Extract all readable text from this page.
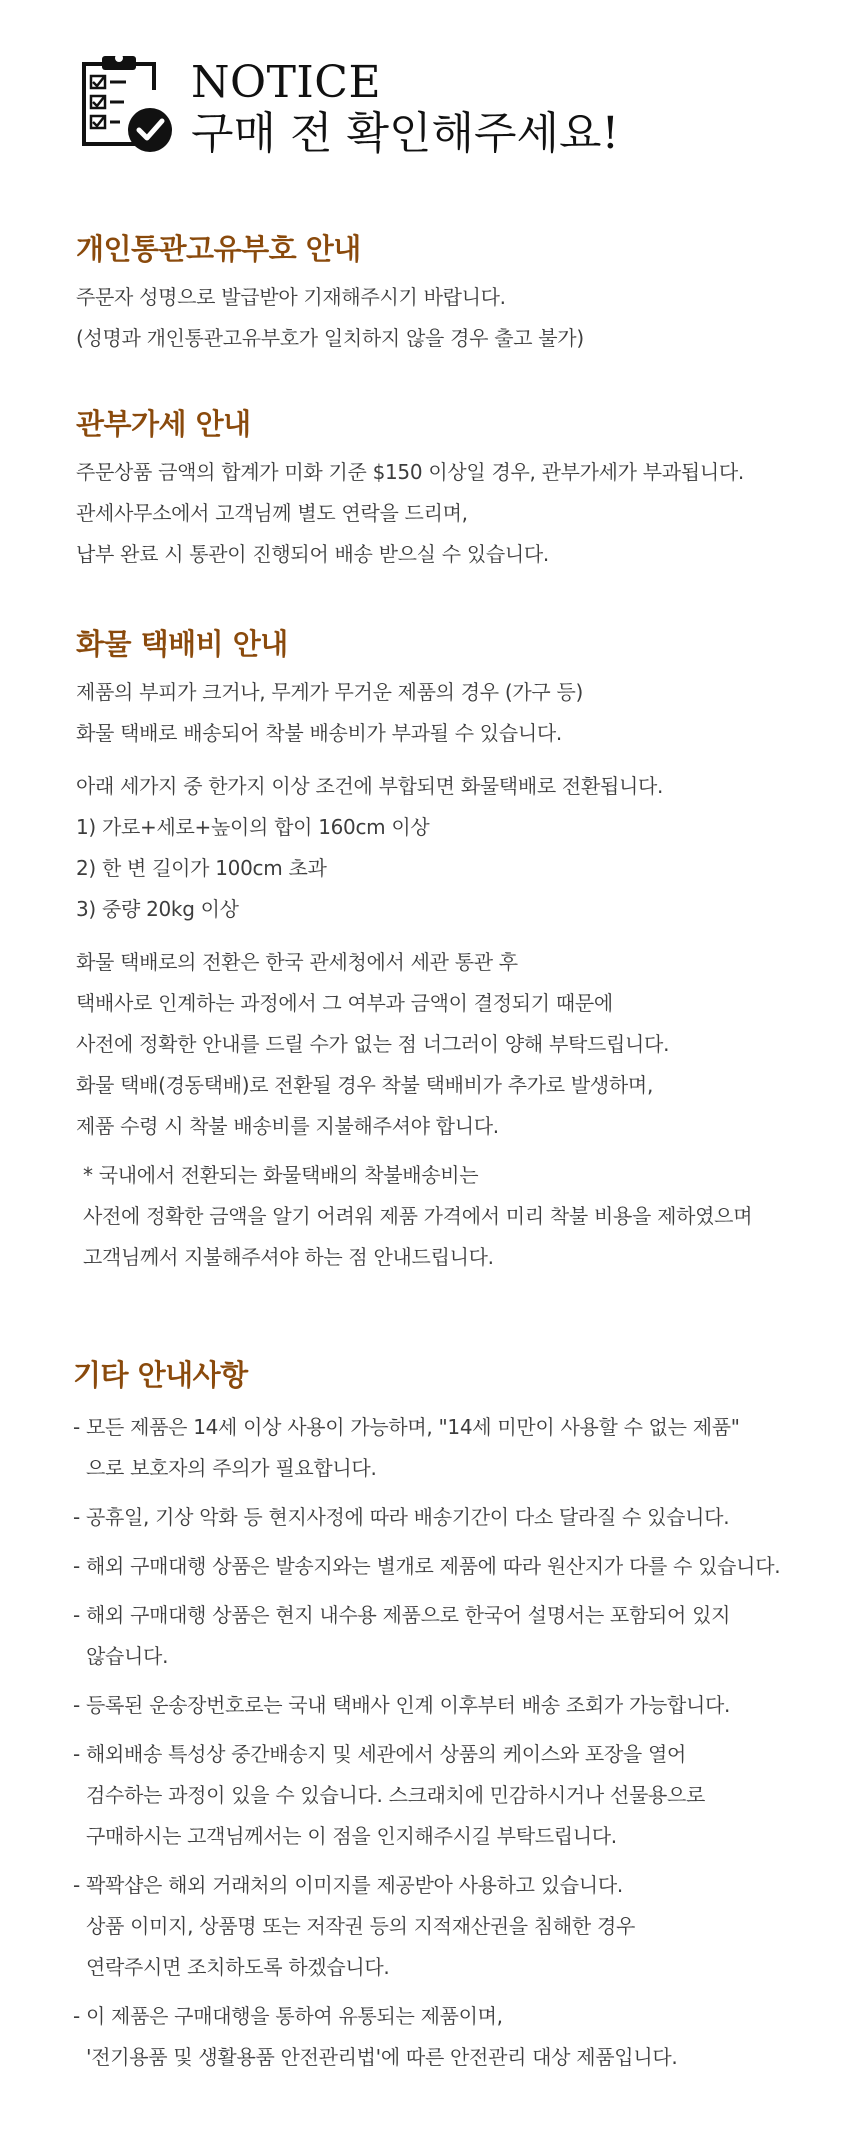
NOTICE
구매 전 확인해주세요!
개인통관고유부호 안내

주문자 성명으로 발급받아 기재해주시기 바랍니다.

(성명과 개인통관고유부호가 일치하지 않을 경우 출고 불가)

관부가세 안내

주문상품 금액의 합계가 미화 기준 $150 이상일 경우, 관부가세가 부과됩니다.

관세사무소에서 고객님께 별도 연락을 드리며,

납부 완료 시 통관이 진행되어 배송 받으실 수 있습니다.

화물 택배비 안내

제품의 부피가 크거나, 무게가 무거운 제품의 경우 (가구 등)

화물 택배로 배송되어 착불 배송비가 부과될 수 있습니다.

아래 세가지 중 한가지 이상 조건에 부합되면 화물택배로 전환됩니다.

1) 가로+세로+높이의 합이 160cm 이상

2) 한 변 길이가 100cm 초과

3) 중량 20kg 이상

화물 택배로의 전환은 한국 관세청에서 세관 통관 후

택배사로 인계하는 과정에서 그 여부과 금액이 결정되기 때문에

사전에 정확한 안내를 드릴 수가 없는 점 너그러이 양해 부탁드립니다.

화물 택배(경동택배)로 전환될 경우 착불 택배비가 추가로 발생하며,

제품 수령 시 착불 배송비를 지불해주셔야 합니다.

* 국내에서 전환되는 화물택배의 착불배송비는

사전에 정확한 금액을 알기 어려워 제품 가격에서 미리 착불 비용을 제하였으며

고객님께서 지불해주셔야 하는 점 안내드립니다.

기타 안내사항

- 모든 제품은 14세 이상 사용이 가능하며, "14세 미만이 사용할 수 없는 제품"

으로 보호자의 주의가 필요합니다.

- 공휴일, 기상 악화 등 현지사정에 따라 배송기간이 다소 달라질 수 있습니다.

- 해외 구매대행 상품은 발송지와는 별개로 제품에 따라 원산지가 다를 수 있습니다.

- 해외 구매대행 상품은 현지 내수용 제품으로 한국어 설명서는 포함되어 있지

않습니다.

- 등록된 운송장번호로는 국내 택배사 인계 이후부터 배송 조회가 가능합니다.

- 해외배송 특성상 중간배송지 및 세관에서 상품의 케이스와 포장을 열어

검수하는 과정이 있을 수 있습니다. 스크래치에 민감하시거나 선물용으로

구매하시는 고객님께서는 이 점을 인지해주시길 부탁드립니다.

- 꽉꽉샵은 해외 거래처의 이미지를 제공받아 사용하고 있습니다.

상품 이미지, 상품명 또는 저작권 등의 지적재산권을 침해한 경우

연락주시면 조치하도록 하겠습니다.

- 이 제품은 구매대행을 통하여 유통되는 제품이며,

'전기용품 및 생활용품 안전관리법'에 따른 안전관리 대상 제품입니다.
